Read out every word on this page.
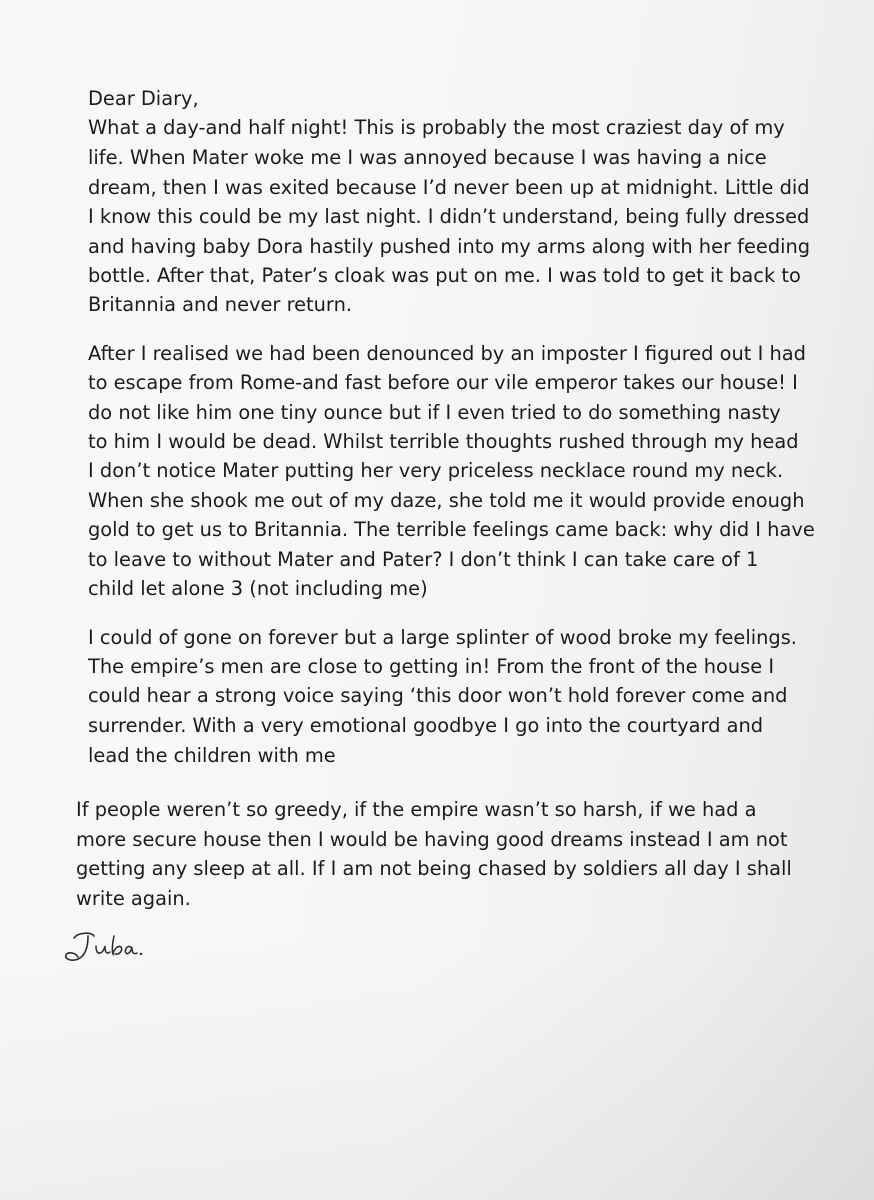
Dear Diary,
What a day-and half night! This is probably the most craziest day of my
life. When Mater woke me I was annoyed because I was having a nice
dream, then I was exited because I’d never been up at midnight. Little did
I know this could be my last night. I didn’t understand, being fully dressed
and having baby Dora hastily pushed into my arms along with her feeding
bottle. After that, Pater’s cloak was put on me. I was told to get it back to
Britannia and never return.
After I realised we had been denounced by an imposter I figured out I had
to escape from Rome-and fast before our vile emperor takes our house! I
do not like him one tiny ounce but if I even tried to do something nasty
to him I would be dead. Whilst terrible thoughts rushed through my head
I don’t notice Mater putting her very priceless necklace round my neck.
When she shook me out of my daze, she told me it would provide enough
gold to get us to Britannia. The terrible feelings came back: why did I have
to leave to without Mater and Pater? I don’t think I can take care of 1
child let alone 3 (not including me)
I could of gone on forever but a large splinter of wood broke my feelings.
The empire’s men are close to getting in! From the front of the house I
could hear a strong voice saying ‘this door won’t hold forever come and
surrender. With a very emotional goodbye I go into the courtyard and
lead the children with me
If people weren’t so greedy, if the empire wasn’t so harsh, if we had a
more secure house then I would be having good dreams instead I am not
getting any sleep at all. If I am not being chased by soldiers all day I shall
write again.
